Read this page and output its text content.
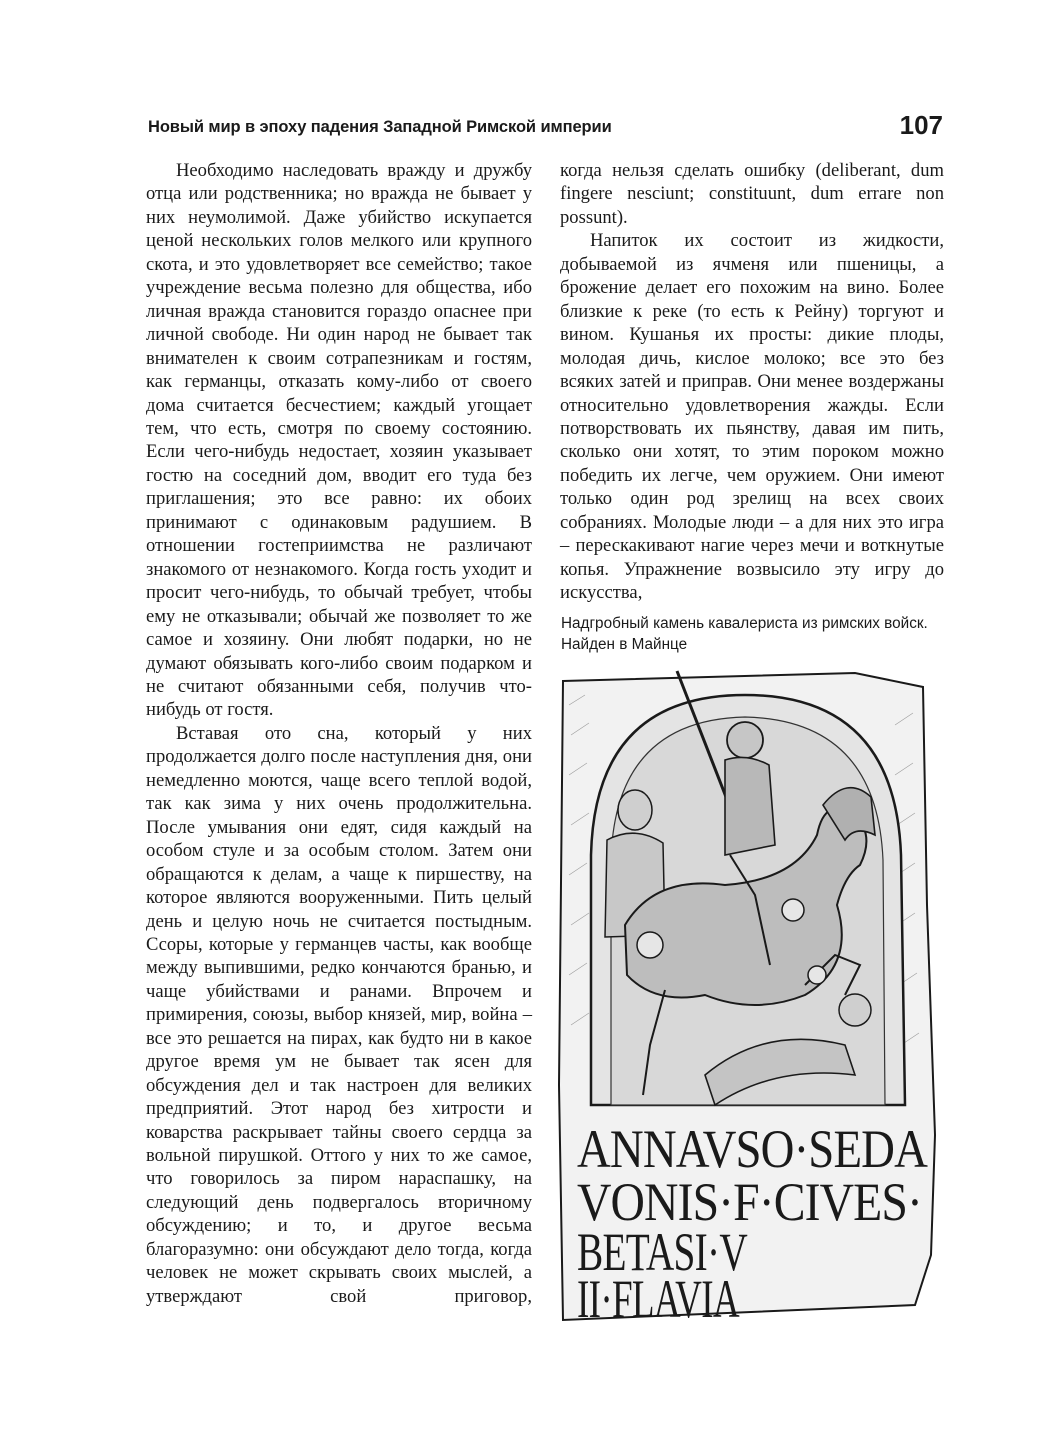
Новый мир в эпоху падения Западной Римской империи	107

Необходимо наследовать вражду и дружбу отца или родственника; но вражда не бывает у них неумолимой. Даже убийство искупается ценой нескольких голов мелкого или крупного скота, и это удовлетворяет все семейство; такое учреждение весьма полезно для общества, ибо личная вражда становится гораздо опаснее при личной свободе. Ни один народ не бывает так внимателен к своим сотрапезникам и гостям, как германцы, отказать кому-либо от своего дома считается бесчестием; каждый угощает тем, что есть, смотря по своему состоянию. Если чего-нибудь недостает, хозяин указывает гостю на соседний дом, вводит его туда без приглашения; это все равно: их обоих принимают с одинаковым радушием. В отношении гостеприимства не различают знакомого от незнакомого. Когда гость уходит и просит чего-нибудь, то обычай требует, чтобы ему не отказывали; обычай же позволяет то же самое и хозяину. Они любят подарки, но не думают обязывать кого-либо своим подарком и не считают обязанными себя, получив что-нибудь от гостя.

Вставая ото сна, который у них продолжается долго после наступления дня, они немедленно моются, чаще всего теплой водой, так как зима у них очень продолжительна. После умывания они едят, сидя каждый на особом стуле и за особым столом. Затем они обращаются к делам, а чаще к пиршеству, на которое являются вооруженными. Пить целый день и целую ночь не считается постыдным. Ссоры, которые у германцев часты, как вообще между выпившими, редко кончаются бранью, и чаще убийствами и ранами. Впрочем и примирения, союзы, выбор князей, мир, война – все это решается на пирах, как будто ни в какое другое время ум не бывает так ясен для обсуждения дел и так настроен для великих предприятий. Этот народ без хитрости и коварства раскрывает тайны своего сердца за вольной пирушкой. Оттого у них то же самое, что говорилось за пиром нараспашку, на следующий день подвергалось вторичному обсуждению; и то, и другое весьма благоразумно: они обсуждают дело тогда, когда человек не может скрывать своих мыслей, а утверждают свой приговор,

когда нельзя сделать ошибку (deliberant, dum fingere nesciunt; constituunt, dum errare non possunt).

Напиток их состоит из жидкости, добываемой из ячменя или пшеницы, а брожение делает его похожим на вино. Более близкие к реке (то есть к Рейну) торгуют и вином. Кушанья их просты: дикие плоды, молодая дичь, кислое молоко; все это без всяких затей и приправ. Они менее воздержаны относительно удовлетворения жажды. Если потворствовать их пьянству, давая им пить, сколько они хотят, то этим пороком можно победить их легче, чем оружием. Они имеют только один род зрелищ на всех своих собраниях. Молодые люди – а для них это игра – перескакивают нагие через мечи и воткнутые копья. Упражнение возвысило эту игру до искусства,

Надгробный камень кавалериста из римских войск. Найден в Майнце
ANNAVSO·SEDA
VONIS·F·CIVES·
BETASI·V
II·FLAVIA
